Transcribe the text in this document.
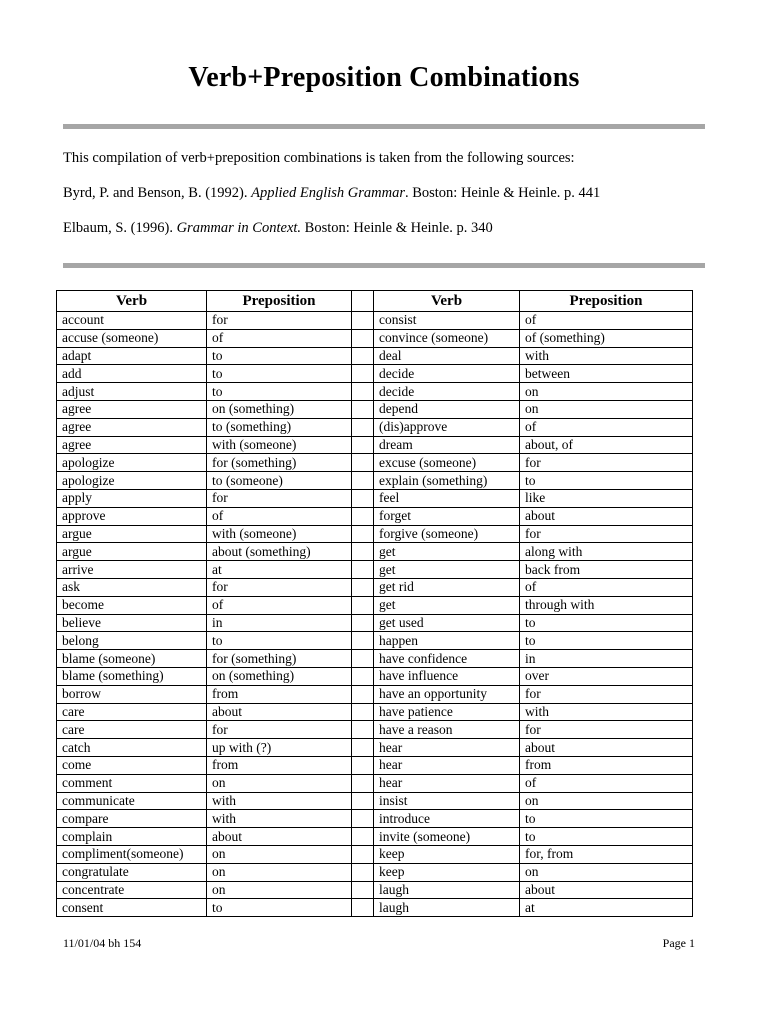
Verb+Preposition Combinations
This compilation of verb+preposition combinations is taken from the following sources:
Byrd, P. and Benson, B. (1992). Applied English Grammar. Boston: Heinle & Heinle. p. 441
Elbaum, S. (1996). Grammar in Context. Boston: Heinle & Heinle. p. 340
Verb	Preposition		Verb	Preposition
account	for		consist	of
accuse (someone)	of		convince (someone)	of (something)
adapt	to		deal	with
add	to		decide	between
adjust	to		decide	on
agree	on (something)		depend	on
agree	to (something)		(dis)approve	of
agree	with (someone)		dream	about, of
apologize	for (something)		excuse (someone)	for
apologize	to (someone)		explain (something)	to
apply	for		feel	like
approve	of		forget	about
argue	with (someone)		forgive (someone)	for
argue	about (something)		get	along with
arrive	at		get	back from
ask	for		get rid	of
become	of		get	through with
believe	in		get used	to
belong	to		happen	to
blame (someone)	for (something)		have confidence	in
blame (something)	on (something)		have influence	over
borrow	from		have an opportunity	for
care	about		have patience	with
care	for		have a reason	for
catch	up with (?)		hear	about
come	from		hear	from
comment	on		hear	of
communicate	with		insist	on
compare	with		introduce	to
complain	about		invite (someone)	to
compliment(someone)	on		keep	for, from
congratulate	on		keep	on
concentrate	on		laugh	about
consent	to		laugh	at
11/01/04 bh 154	Page 1
